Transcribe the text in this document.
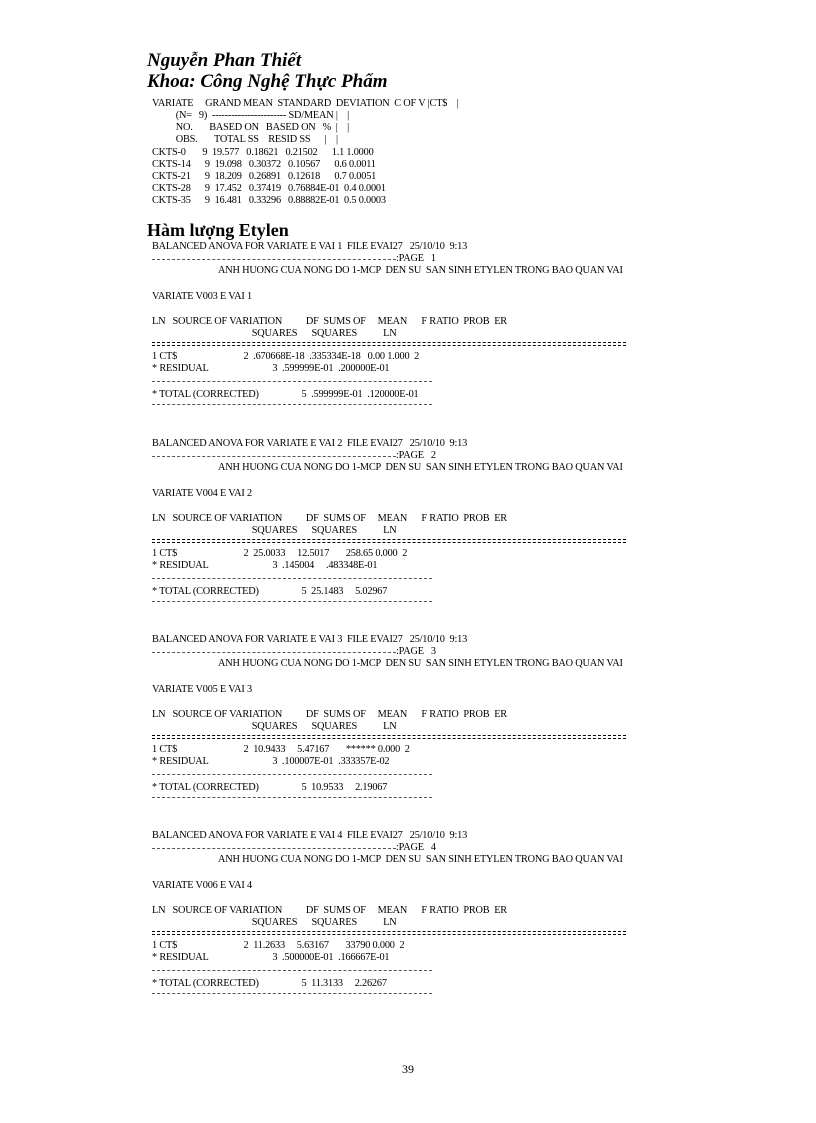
Nguyễn Phan Thiết
Khoa: Công Nghệ Thực Phẩm
VARIATE     GRAND MEAN  STANDARD  DEVIATION  C OF V |CT$    |
(N=   9)  ----------------------- SD/MEAN |    |
NO.       BASED ON   BASED ON   %  |    |
OBS.       TOTAL SS    RESID SS      |    |
CKTS-0       9  19.577   0.18621   0.21502      1.1 1.0000
CKTS-14      9  19.098   0.30372   0.10567      0.6 0.0011
CKTS-21      9  18.209   0.26891   0.12618      0.7 0.0051
CKTS-28      9  17.452   0.37419   0.76884E-01  0.4 0.0001
CKTS-35      9  16.481   0.33296   0.88882E-01  0.5 0.0003
Hàm lượng Etylen
BALANCED ANOVA FOR VARIATE E VAI 1  FILE EVAI27   25/10/10  9:13
:PAGE   1
ANH HUONG CUA NONG DO 1-MCP  DEN SU  SAN SINH ETYLEN TRONG BAO QUAN VAI
VARIATE V003 E VAI 1
LN   SOURCE OF VARIATION          DF  SUMS OF     MEAN      F RATIO  PROB  ER
SQUARES      SQUARES           LN
1 CT$                            2  .670668E-18  .335334E-18   0.00 1.000  2
* RESIDUAL                           3  .599999E-01  .200000E-01
* TOTAL (CORRECTED)                  5  .599999E-01  .120000E-01
BALANCED ANOVA FOR VARIATE E VAI 2  FILE EVAI27   25/10/10  9:13
:PAGE   2
ANH HUONG CUA NONG DO 1-MCP  DEN SU  SAN SINH ETYLEN TRONG BAO QUAN VAI
VARIATE V004 E VAI 2
LN   SOURCE OF VARIATION          DF  SUMS OF     MEAN      F RATIO  PROB  ER
SQUARES      SQUARES           LN
1 CT$                            2  25.0033     12.5017       258.65 0.000  2
* RESIDUAL                           3  .145004     .483348E-01
* TOTAL (CORRECTED)                  5  25.1483     5.02967
BALANCED ANOVA FOR VARIATE E VAI 3  FILE EVAI27   25/10/10  9:13
:PAGE   3
ANH HUONG CUA NONG DO 1-MCP  DEN SU  SAN SINH ETYLEN TRONG BAO QUAN VAI
VARIATE V005 E VAI 3
LN   SOURCE OF VARIATION          DF  SUMS OF     MEAN      F RATIO  PROB  ER
SQUARES      SQUARES           LN
1 CT$                            2  10.9433     5.47167       ****** 0.000  2
* RESIDUAL                           3  .100007E-01  .333357E-02
* TOTAL (CORRECTED)                  5  10.9533     2.19067
BALANCED ANOVA FOR VARIATE E VAI 4  FILE EVAI27   25/10/10  9:13
:PAGE   4
ANH HUONG CUA NONG DO 1-MCP  DEN SU  SAN SINH ETYLEN TRONG BAO QUAN VAI
VARIATE V006 E VAI 4
LN   SOURCE OF VARIATION          DF  SUMS OF     MEAN      F RATIO  PROB  ER
SQUARES      SQUARES           LN
1 CT$                            2  11.2633     5.63167       33790 0.000  2
* RESIDUAL                           3  .500000E-01  .166667E-01
* TOTAL (CORRECTED)                  5  11.3133     2.26267
39
